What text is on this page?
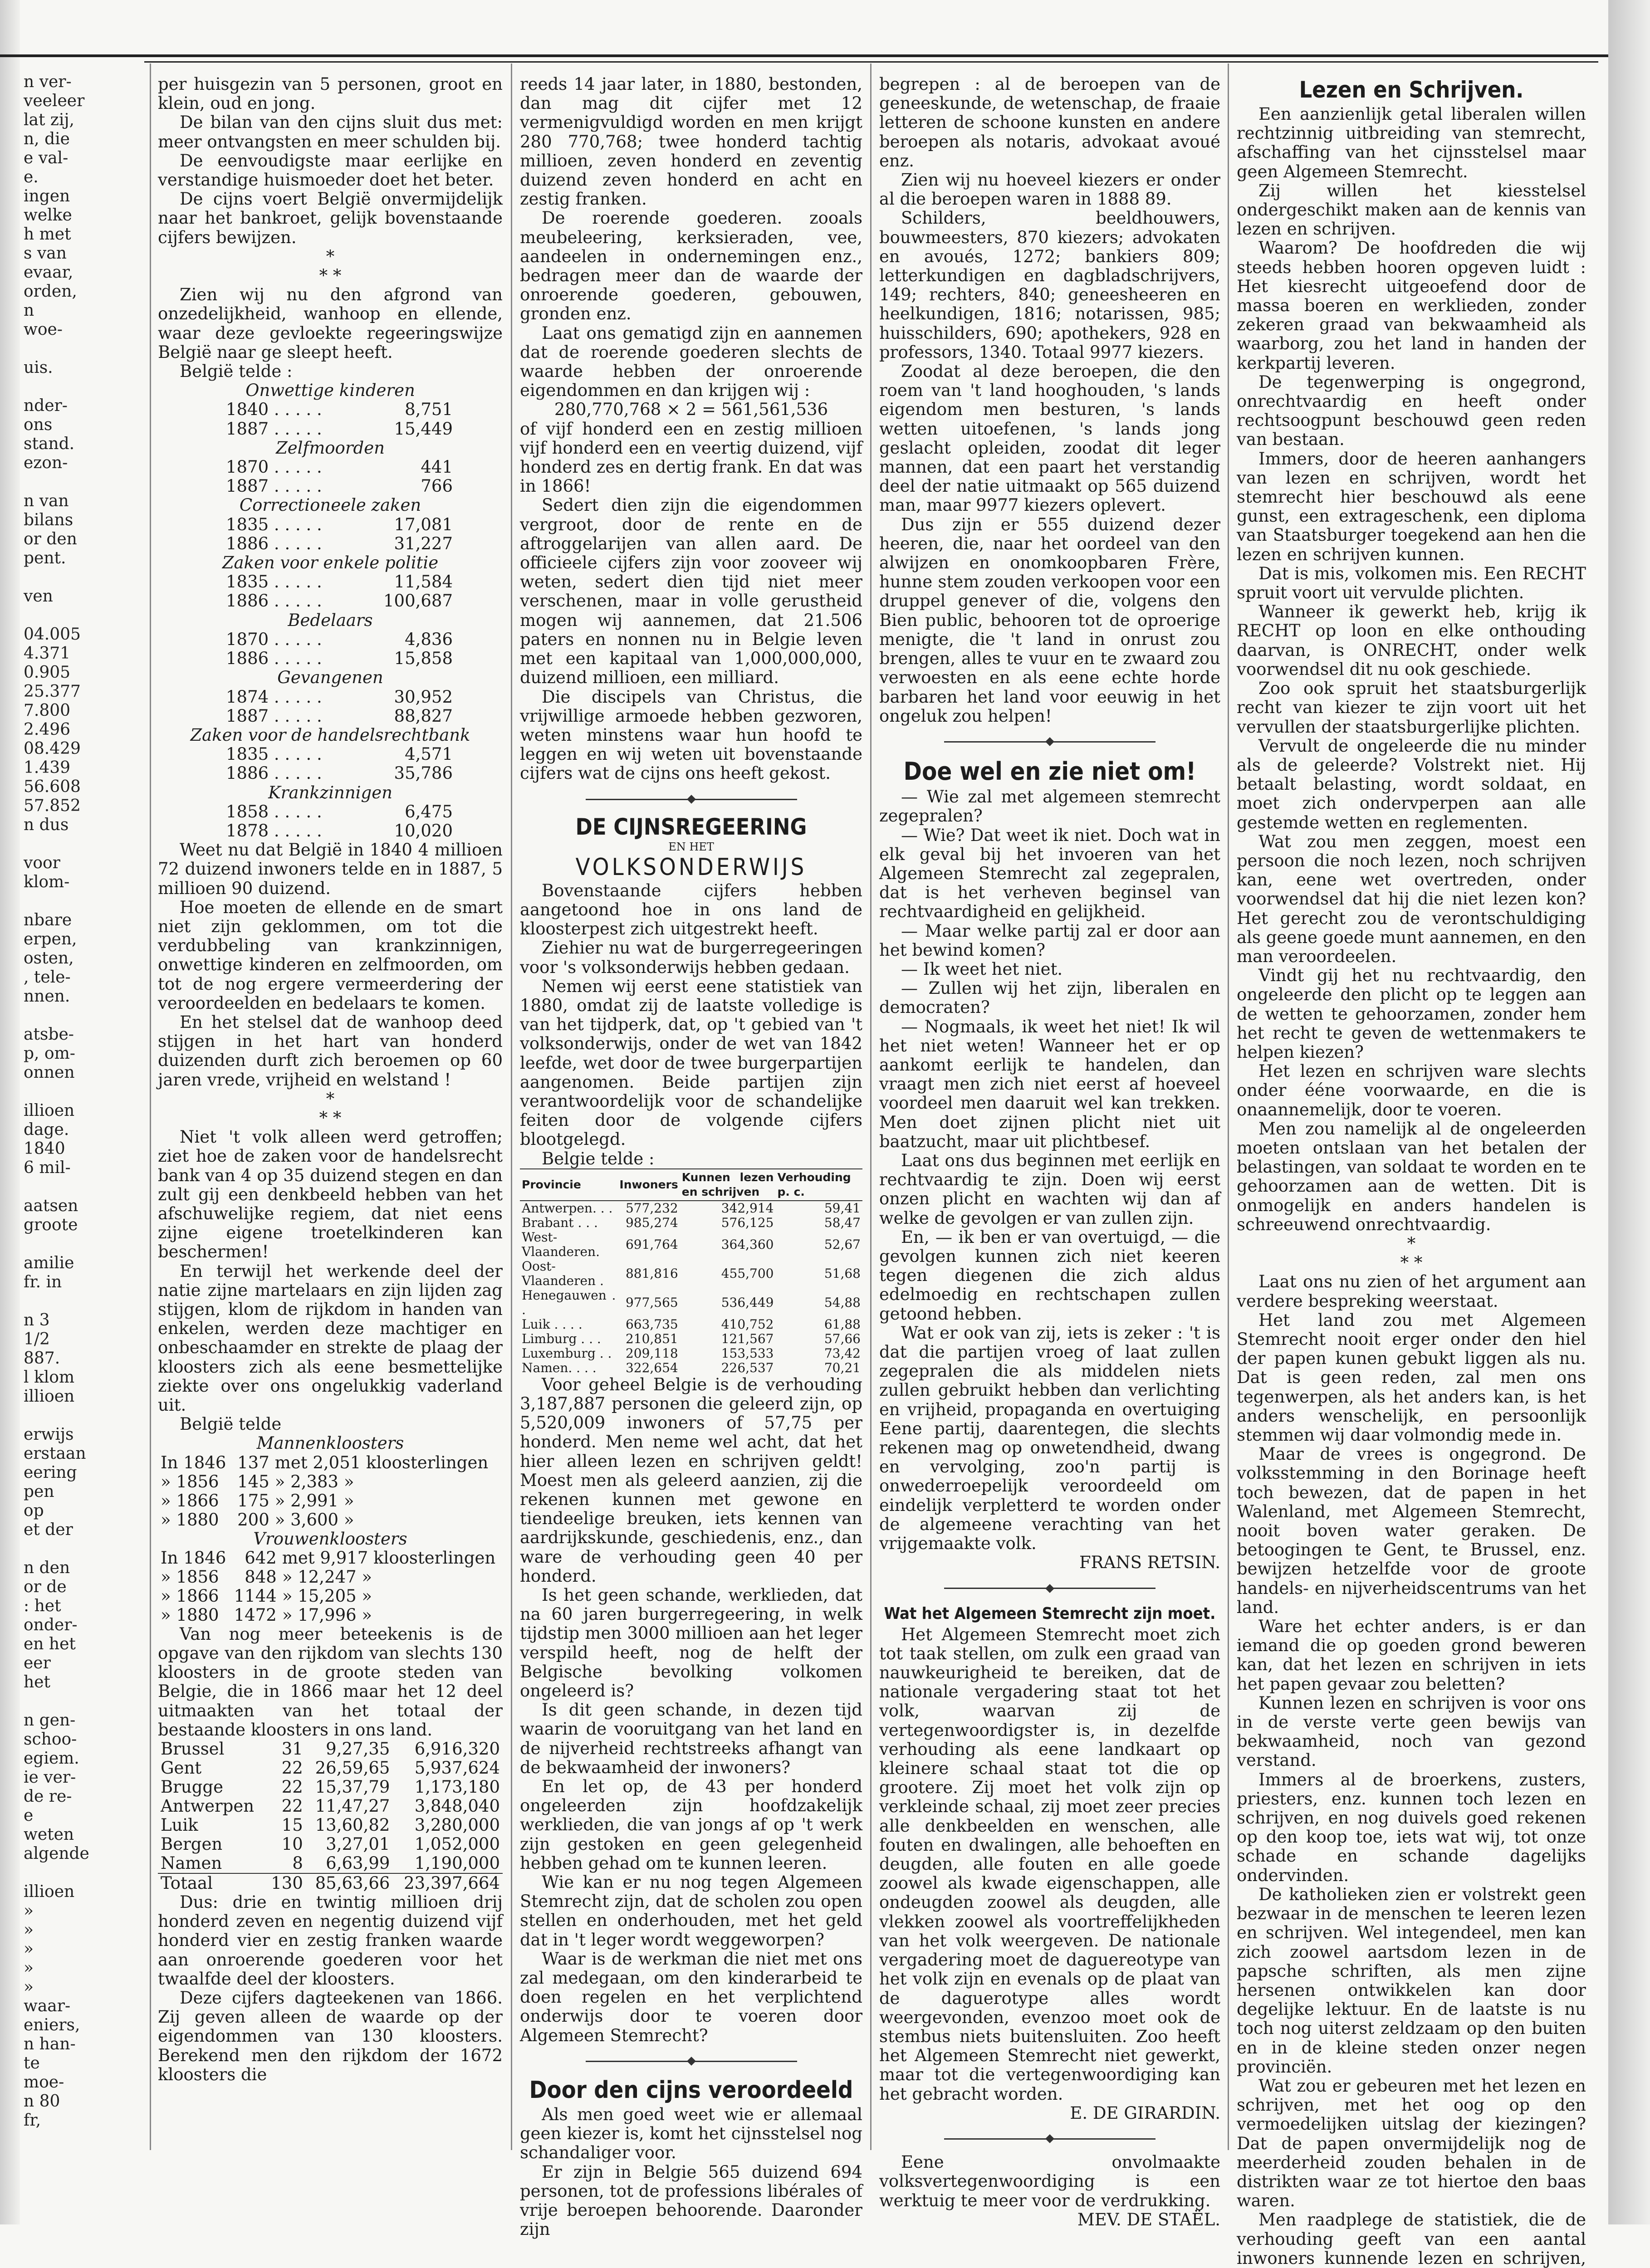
n ver-
veeleer
lat zij,
n, die
e val-
e.
ingen
welke
h met
s van
evaar,
orden,
n woe-

uis.

nder-
ons
stand.
ezon-

n van
bilans
or den
pent.

ven

04.005
4.371
0.905
25.377
7.800
2.496
08.429
1.439
56.608
57.852
n dus

voor
klom-

nbare
erpen,
osten,
, tele-
nnen.

atsbe-
p, om-
onnen

illioen
dage.
1840
6 mil-

aatsen
groote

amilie
fr. in

n 3 1/2
887.
l klom
illioen

erwijs
erstaan
eering
pen op
et der

n den
or de
: het
onder-
en het
eer het

n gen-
schoo-
egiem.
ie ver-
de re-
e weten
algende

illioen
»
»
»
»
»
waar-
eniers,
n han-
te moe-
n 80 fr,

per huisgezin van 5 personen, groot en klein, oud en jong.

De bilan van den cijns sluit dus met: meer ontvangsten en meer schulden bij.

De eenvoudigste maar eerlijke en verstandige huismoeder doet het beter.

De cijns voert België onvermijdelijk naar het bankroet, gelijk bovenstaande cijfers bewijzen.

*
* *

Zien wij nu den afgrond van onzedelijkheid, wanhoop en ellende, waar deze gevloekte regeeringswijze België naar ge sleept heeft.

België telde :

Onwettige kinderen

1840 . . . . .	8,751
1887 . . . . .	15,449

Zelfmoorden

1870 . . . . .	441
1887 . . . . .	766

Correctioneele zaken

1835 . . . . .	17,081
1886 . . . . .	31,227

Zaken voor enkele politie

1835 . . . . .	11,584
1886 . . . . .	100,687

Bedelaars

1870 . . . . .	4,836
1886 . . . . .	15,858

Gevangenen

1874 . . . . .	30,952
1887 . . . . .	88,827

Zaken voor de handelsrechtbank

1835 . . . . .	4,571
1886 . . . . .	35,786

Krankzinnigen

1858 . . . . .	6,475
1878 . . . . .	10,020

Weet nu dat België in 1840 4 millioen 72 duizend inwoners telde en in 1887, 5 millioen 90 duizend.

Hoe moeten de ellende en de smart niet zijn geklommen, om tot die verdubbeling van krankzinnigen, onwettige kinderen en zelfmoorden, om tot de nog ergere vermeerdering der veroordeelden en bedelaars te komen.

En het stelsel dat de wanhoop deed stijgen in het hart van honderd duizenden durft zich beroemen op 60 jaren vrede, vrijheid en welstand !

*
* *

Niet 't volk alleen werd getroffen; ziet hoe de zaken voor de handelsrecht bank van 4 op 35 duizend stegen en dan zult gij een denkbeeld hebben van het afschuwelijke regiem, dat niet eens zijne eigene troetelkinderen kan beschermen!

En terwijl het werkende deel der natie zijne martelaars en zijn lijden zag stijgen, klom de rijkdom in handen van enkelen, werden deze machtiger en onbeschaamder en strekte de plaag der kloosters zich als eene besmettelijke ziekte over ons ongelukkig vaderland uit.

België telde

Mannenkloosters

In 1846	137	met 2,051 kloosterlingen
» 1856	145	» 2,383 »
» 1866	175	» 2,991 »
» 1880	200	» 3,600 »

Vrouwenkloosters

In 1846	642	met 9,917 kloosterlingen
» 1856	848	» 12,247 »
» 1866	1144	» 15,205 »
» 1880	1472	» 17,996 »

Van nog meer beteekenis is de opgave van den rijkdom van slechts 130 kloosters in de groote steden van Belgie, die in 1866 maar het 12 deel uitmaakten van het totaal der bestaande kloosters in ons land.

Brussel	31	9,27,35	6,916,320
Gent	22	26,59,65	5,937,624
Brugge	22	15,37,79	1,173,180
Antwerpen	22	11,47,27	3,848,040
Luik	15	13,60,82	3,280,000
Bergen	10	3,27,01	1,052,000
Namen	8	6,63,99	1,190,000
Totaal	130	85,63,66	23,397,664

Dus: drie en twintig millioen drij honderd zeven en negentig duizend vijf honderd vier en zestig franken waarde aan onroerende goederen voor het twaalfde deel der kloosters.

Deze cijfers dagteekenen van 1866. Zij geven alleen de waarde op der eigendommen van 130 kloosters. Berekend men den rijkdom der 1672 kloosters die

reeds 14 jaar later, in 1880, bestonden, dan mag dit cijfer met 12 vermenigvuldigd worden en men krijgt 280 770,768; twee honderd tachtig millioen, zeven honderd en zeventig duizend zeven honderd en acht en zestig franken.

De roerende goederen. zooals meubeleering, kerksieraden, vee, aandeelen in ondernemingen enz., bedragen meer dan de waarde der onroerende goederen, gebouwen, gronden enz.

Laat ons gematigd zijn en aannemen dat de roerende goederen slechts de waarde hebben der onroerende eigendommen en dan krijgen wij :

280,770,768 × 2 = 561,561,536

of vijf honderd een en zestig millioen vijf honderd een en veertig duizend, vijf honderd zes en dertig frank. En dat was in 1866!

Sedert dien zijn die eigendommen vergroot, door de rente en de aftroggelarijen van allen aard. De officieele cijfers zijn voor zooveer wij weten, sedert dien tijd niet meer verschenen, maar in volle gerustheid mogen wij aannemen, dat 21.506 paters en nonnen nu in Belgie leven met een kapitaal van 1,000,000,000, duizend millioen, een milliard.

Die discipels van Christus, die vrijwillige armoede hebben gezworen, weten minstens waar hun hoofd te leggen en wij weten uit bovenstaande cijfers wat de cijns ons heeft gekost.

DE CIJNSREGEERING

EN HET

VOLKSONDERWIJS

Bovenstaande cijfers hebben aangetoond hoe in ons land de kloosterpest zich uitgestrekt heeft.

Ziehier nu wat de burgerregeeringen voor 's volksonderwijs hebben gedaan.

Nemen wij eerst eene statistiek van 1880, omdat zij de laatste volledige is van het tijdperk, dat, op 't gebied van 't volksonderwijs, onder de wet van 1842 leefde, wet door de twee burgerpartijen aangenomen. Beide partijen zijn verantwoordelijk voor de schandelijke feiten door de volgende cijfers blootgelegd.

Belgie telde :

Provincie	Inwoners	Kunnen lezen en schrijven	Verhouding p. c.
Antwerpen. . .	577,232	342,914	59,41
Brabant . . .	985,274	576,125	58,47
West-Vlaanderen.	691,764	364,360	52,67
Oost-Vlaanderen .	881,816	455,700	51,68
Henegauwen . .	977,565	536,449	54,88
Luik . . . .	663,735	410,752	61,88
Limburg . . .	210,851	121,567	57,66
Luxemburg . .	209,118	153,533	73,42
Namen. . . .	322,654	226,537	70,21

Voor geheel Belgie is de verhouding 3,187,887 personen die geleerd zijn, op 5,520,009 inwoners of 57,75 per honderd. Men neme wel acht, dat het hier alleen lezen en schrijven geldt! Moest men als geleerd aanzien, zij die rekenen kunnen met gewone en tiendeelige breuken, iets kennen van aardrijkskunde, geschiedenis, enz., dan ware de verhouding geen 40 per honderd.

Is het geen schande, werklieden, dat na 60 jaren burgerregeering, in welk tijdstip men 3000 millioen aan het leger verspild heeft, nog de helft der Belgische bevolking volkomen ongeleerd is?

Is dit geen schande, in dezen tijd waarin de vooruitgang van het land en de nijverheid rechtstreeks afhangt van de bekwaamheid der inwoners?

En let op, de 43 per honderd ongeleerden zijn hoofdzakelijk werklieden, die van jongs af op 't werk zijn gestoken en geen gelegenheid hebben gehad om te kunnen leeren.

Wie kan er nu nog tegen Algemeen Stemrecht zijn, dat de scholen zou open stellen en onderhouden, met het geld dat in 't leger wordt weggeworpen?

Waar is de werkman die niet met ons zal medegaan, om den kinderarbeid te doen regelen en het verplichtend onderwijs door te voeren door Algemeen Stemrecht?

Door den cijns veroordeeld

Als men goed weet wie er allemaal geen kiezer is, komt het cijnsstelsel nog schandaliger voor.

Er zijn in Belgie 565 duizend 694 personen, tot de professions libérales of vrije beroepen behoorende. Daaronder zijn

begrepen : al de beroepen van de geneeskunde, de wetenschap, de fraaie letteren de schoone kunsten en andere beroepen als notaris, advokaat avoué enz.

Zien wij nu hoeveel kiezers er onder al die beroepen waren in 1888 89.

Schilders, beeldhouwers, bouwmeesters, 870 kiezers; advokaten en avoués, 1272; bankiers 809; letterkundigen en dagbladschrijvers, 149; rechters, 840; geneesheeren en heelkundigen, 1816; notarissen, 985; huisschilders, 690; apothekers, 928 en professors, 1340. Totaal 9977 kiezers.

Zoodat al deze beroepen, die den roem van 't land hooghouden, 's lands eigendom men besturen, 's lands wetten uitoefenen, 's lands jong geslacht opleiden, zoodat dit leger mannen, dat een paart het verstandig deel der natie uitmaakt op 565 duizend man, maar 9977 kiezers oplevert.

Dus zijn er 555 duizend dezer heeren, die, naar het oordeel van den alwijzen en onomkoopbaren Frère, hunne stem zouden verkoopen voor een druppel genever of die, volgens den Bien public, behooren tot de oproerige menigte, die 't land in onrust zou brengen, alles te vuur en te zwaard zou verwoesten en als eene echte horde barbaren het land voor eeuwig in het ongeluk zou helpen!

Doe wel en zie niet om!

— Wie zal met algemeen stemrecht zegepralen?

— Wie? Dat weet ik niet. Doch wat in elk geval bij het invoeren van het Algemeen Stemrecht zal zegepralen, dat is het verheven beginsel van rechtvaardigheid en gelijkheid.

— Maar welke partij zal er door aan het bewind komen?

— Ik weet het niet.

— Zullen wij het zijn, liberalen en democraten?

— Nogmaals, ik weet het niet! Ik wil het niet weten! Wanneer het er op aankomt eerlijk te handelen, dan vraagt men zich niet eerst af hoeveel voordeel men daaruit wel kan trekken. Men doet zijnen plicht niet uit baatzucht, maar uit plichtbesef.

Laat ons dus beginnen met eerlijk en rechtvaardig te zijn. Doen wij eerst onzen plicht en wachten wij dan af welke de gevolgen er van zullen zijn.

En, — ik ben er van overtuigd, — die gevolgen kunnen zich niet keeren tegen diegenen die zich aldus edelmoedig en rechtschapen zullen getoond hebben.

Wat er ook van zij, iets is zeker : 't is dat die partijen vroeg of laat zullen zegepralen die als middelen niets zullen gebruikt hebben dan verlichting en vrijheid, propaganda en overtuiging Eene partij, daarentegen, die slechts rekenen mag op onwetendheid, dwang en vervolging, zoo'n partij is onwederroepelijk veroordeeld om eindelijk verpletterd te worden onder de algemeene verachting van het vrijgemaakte volk.

FRANS RETSIN.

Wat het Algemeen Stemrecht zijn moet.

Het Algemeen Stemrecht moet zich tot taak stellen, om zulk een graad van nauwkeurigheid te bereiken, dat de nationale vergadering staat tot het volk, waarvan zij de vertegenwoordigster is, in dezelfde verhouding als eene landkaart op kleinere schaal staat tot die op grootere. Zij moet het volk zijn op verkleinde schaal, zij moet zeer precies alle denkbeelden en wenschen, alle fouten en dwalingen, alle behoeften en deugden, alle fouten en alle goede zoowel als kwade eigenschappen, alle ondeugden zoowel als deugden, alle vlekken zoowel als voortreffelijkheden van het volk weergeven. De nationale vergadering moet de daguereotype van het volk zijn en evenals op de plaat van de daguerotype alles wordt weergevonden, evenzoo moet ook de stembus niets buitensluiten. Zoo heeft het Algemeen Stemrecht niet gewerkt, maar tot die vertegenwoordiging kan het gebracht worden.

E. DE GIRARDIN.

Eene onvolmaakte volksvertegenwoordiging is een werktuig te meer voor de verdrukking.

MEV. DE STAËL.

Lezen en Schrijven.

Een aanzienlijk getal liberalen willen rechtzinnig uitbreiding van stemrecht, afschaffing van het cijnsstelsel maar geen Algemeen Stemrecht.

Zij willen het kiesstelsel ondergeschikt maken aan de kennis van lezen en schrijven.

Waarom? De hoofdreden die wij steeds hebben hooren opgeven luidt : Het kiesrecht uitgeoefend door de massa boeren en werklieden, zonder zekeren graad van bekwaamheid als waarborg, zou het land in handen der kerkpartij leveren.

De tegenwerping is ongegrond, onrechtvaardig en heeft onder rechtsoogpunt beschouwd geen reden van bestaan.

Immers, door de heeren aanhangers van lezen en schrijven, wordt het stemrecht hier beschouwd als eene gunst, een extrageschenk, een diploma van Staatsburger toegekend aan hen die lezen en schrijven kunnen.

Dat is mis, volkomen mis. Een RECHT spruit voort uit vervulde plichten.

Wanneer ik gewerkt heb, krijg ik RECHT op loon en elke onthouding daarvan, is ONRECHT, onder welk voorwendsel dit nu ook geschiede.

Zoo ook spruit het staatsburgerlijk recht van kiezer te zijn voort uit het vervullen der staatsburgerlijke plichten.

Vervult de ongeleerde die nu minder als de geleerde? Volstrekt niet. Hij betaalt belasting, wordt soldaat, en moet zich ondervperpen aan alle gestemde wetten en reglementen.

Wat zou men zeggen, moest een persoon die noch lezen, noch schrijven kan, eene wet overtreden, onder voorwendsel dat hij die niet lezen kon? Het gerecht zou de verontschuldiging als geene goede munt aannemen, en den man veroordeelen.

Vindt gij het nu rechtvaardig, den ongeleerde den plicht op te leggen aan de wetten te gehoorzamen, zonder hem het recht te geven de wettenmakers te helpen kiezen?

Het lezen en schrijven ware slechts onder ééne voorwaarde, en die is onaannemelijk, door te voeren.

Men zou namelijk al de ongeleerden moeten ontslaan van het betalen der belastingen, van soldaat te worden en te gehoorzamen aan de wetten. Dit is onmogelijk en anders handelen is schreeuwend onrechtvaardig.

*
* *

Laat ons nu zien of het argument aan verdere bespreking weerstaat.

Het land zou met Algemeen Stemrecht nooit erger onder den hiel der papen kunen gebukt liggen als nu. Dat is geen reden, zal men ons tegenwerpen, als het anders kan, is het anders wenschelijk, en persoonlijk stemmen wij daar volmondig mede in.

Maar de vrees is ongegrond. De volksstemming in den Borinage heeft toch bewezen, dat de papen in het Walenland, met Algemeen Stemrecht, nooit boven water geraken. De betoogingen te Gent, te Brussel, enz. bewijzen hetzelfde voor de groote handels- en nijverheidscentrums van het land.

Ware het echter anders, is er dan iemand die op goeden grond beweren kan, dat het lezen en schrijven in iets het papen gevaar zou beletten?

Kunnen lezen en schrijven is voor ons in de verste verte geen bewijs van bekwaamheid, noch van gezond verstand.

Immers al de broerkens, zusters, priesters, enz. kunnen toch lezen en schrijven, en nog duivels goed rekenen op den koop toe, iets wat wij, tot onze schade en schande dagelijks ondervinden.

De katholieken zien er volstrekt geen bezwaar in de menschen te leeren lezen en schrijven. Wel integendeel, men kan zich zoowel aartsdom lezen in de papsche schriften, als men zijne hersenen ontwikkelen kan door degelijke lektuur. En de laatste is nu toch nog uiterst zeldzaam op den buiten en in de kleine steden onzer negen provinciën.

Wat zou er gebeuren met het lezen en schrijven, met het oog op den vermoedelijken uitslag der kiezingen? Dat de papen onvermijdelijk nog de meerderheid zouden behalen in de distrikten waar ze tot hiertoe den baas waren.

Men raadplege de statistiek, die de verhouding geeft van een aantal inwoners kunnende lezen en schrijven,
